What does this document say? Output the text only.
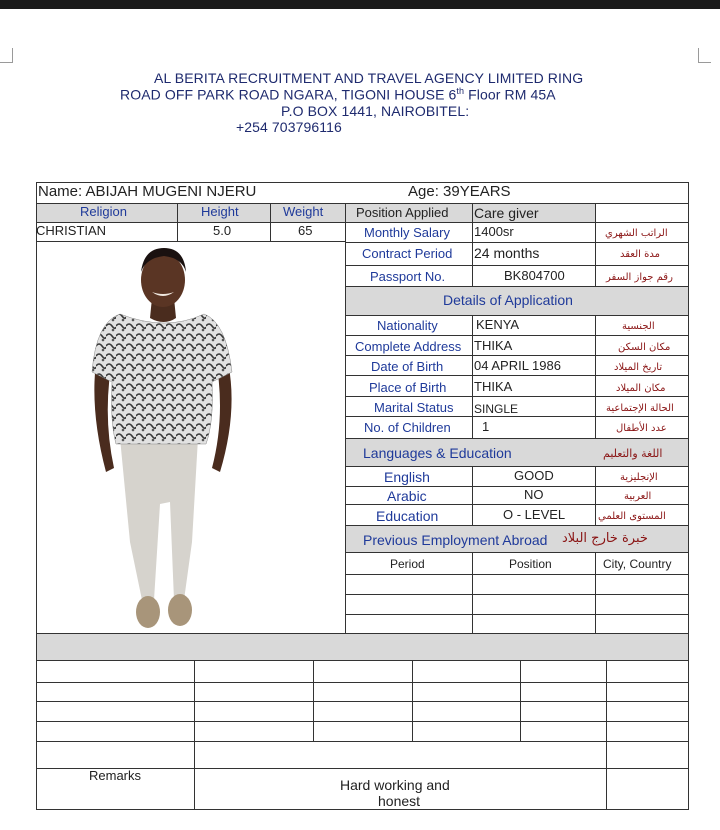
AL BERITA RECRUITMENT AND TRAVEL AGENCY LIMITED RING
ROAD OFF PARK ROAD NGARA, TIGONI HOUSE 6th Floor RM 45A
P.O BOX 1441, NAIROBITEL:
+254 703796116
Name: ABIJAH MUGENI NJERU	Age: 39YEARS
Religion	Height	Weight
CHRISTIAN	5.0	65
Position Applied Care giver
Monthly Salary 1400sr	الراتب الشهري
Contract Period 24 months	مدة العقد
Passport No.	BK804700	رقم جواز السفر
Details of Application
Nationality	KENYA	الجنسية
Complete Address THIKA	مكان السكن
Date of Birth 04 APRIL 1986	تاريخ الميلاد
Place of Birth THIKA	مكان الميلاد
Marital Status SINGLE	الحالة الإجتماعية
No. of Children 1	عدد الأطفال
Languages & Education	اللغة والتعليم
English	GOOD	الإنجليزية
Arabic	NO	العربية
Education	O - LEVEL	المستوى العلمي
Previous Employment Abroad خبرة خارج البلاد
Period	Position	City, Country
Remarks
Hard working and
honest
